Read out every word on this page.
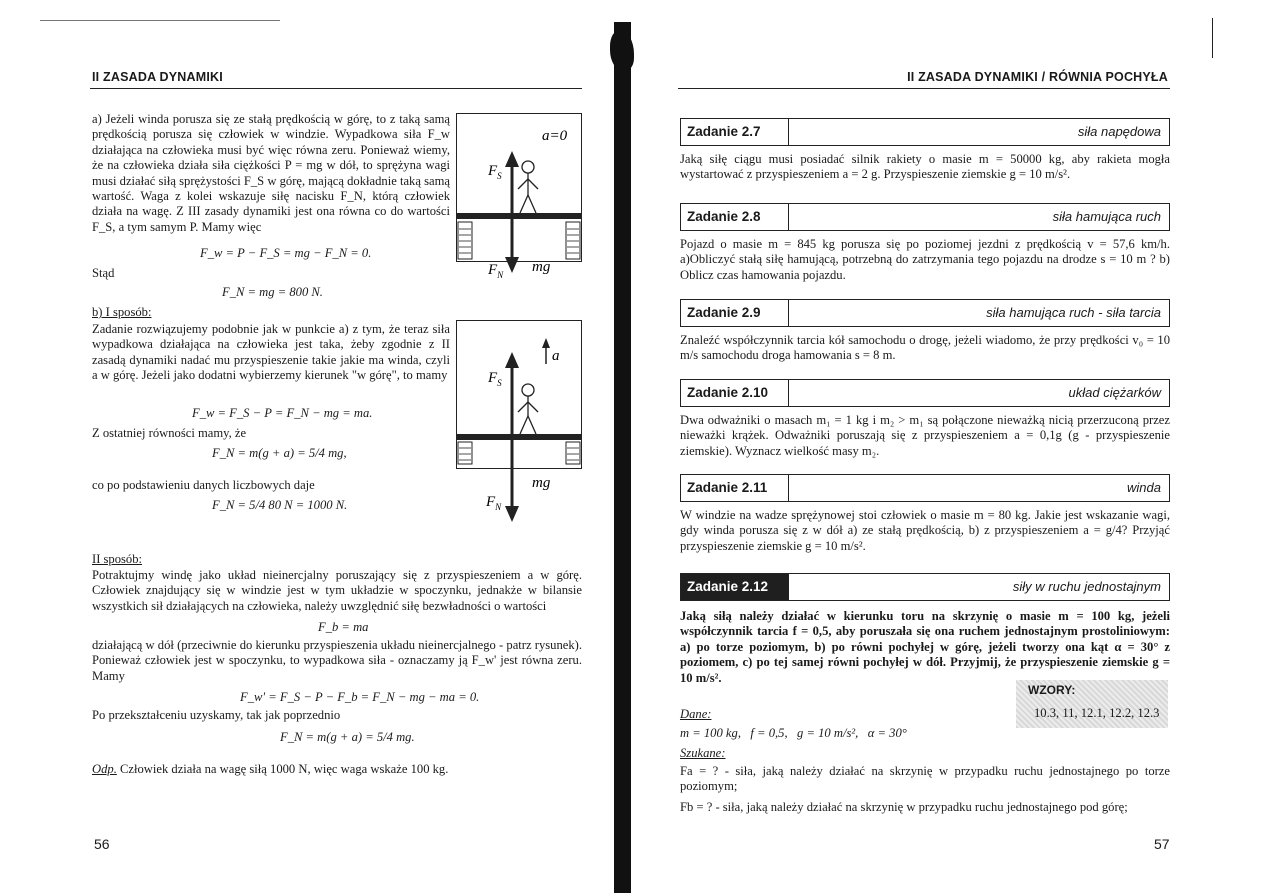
II ZASADA DYNAMIKI
a) Jeżeli winda porusza się ze stałą prędkością w górę, to z taką samą prędkością porusza się człowiek w windzie. Wypadkowa siła F_w działająca na człowieka musi być więc równa zeru. Ponieważ wiemy, że na człowieka działa siła ciężkości P = mg w dół, to sprężyna wagi musi działać siłą sprężystości F_S w górę, mającą dokładnie taką samą wartość. Waga z kolei wskazuje siłę nacisku F_N, którą człowiek działa na wagę. Z III zasady dynamiki jest ona równa co do wartości F_S, a tym samym P. Mamy więc
F_w = P − F_S = mg − F_N = 0.
Stąd
F_N = mg = 800 N.
b) I sposób:
Zadanie rozwiązujemy podobnie jak w punkcie a) z tym, że teraz siła wypadkowa działająca na człowieka jest taka, żeby zgodnie z II zasadą dynamiki nadać mu przyspieszenie takie jakie ma winda, czyli a w górę. Jeżeli jako dodatni wybierzemy kierunek "w górę", to mamy
F_w = F_S − P = F_N − mg = ma.
Z ostatniej równości mamy, że
F_N = m(g + a) = 5/4 mg,
co po podstawieniu danych liczbowych daje
F_N = 5/4 80 N = 1000 N.
II sposób:
Potraktujmy windę jako układ nieinercjalny poruszający się z przyspieszeniem a w górę. Człowiek znajdujący się w windzie jest w tym układzie w spoczynku, jednakże w bilansie wszystkich sił działających na człowieka, należy uwzględnić siłę bezwładności o wartości
F_b = ma
działającą w dół (przeciwnie do kierunku przyspieszenia układu nieinercjalnego - patrz rysunek). Ponieważ człowiek jest w spoczynku, to wypadkowa siła - oznaczamy ją F_w' jest równa zeru. Mamy
F_w' = F_S − P − F_b = F_N − mg − ma = 0.
Po przekształceniu uzyskamy, tak jak poprzednio
F_N = m(g + a) = 5/4 mg.
Odp. Człowiek działa na wagę siłą 1000 N, więc waga wskaże 100 kg.
56
a=0
$F_S$
$F_N$ mg
a
$F_S$
$F_N$
mg
II ZASADA DYNAMIKI / RÓWNIA POCHYŁA
Zadanie 2.7	siła napędowa
Jaką siłę ciągu musi posiadać silnik rakiety o masie m = 50000 kg, aby rakieta mogła wystartować z przyspieszeniem a = 2 g. Przyspieszenie ziemskie g = 10 m/s².
Zadanie 2.8	siła hamująca ruch
Pojazd o masie m = 845 kg porusza się po poziomej jezdni z prędkością v = 57,6 km/h. a)Obliczyć stałą siłę hamującą, potrzebną do zatrzymania tego pojazdu na drodze s = 10 m ? b) Oblicz czas hamowania pojazdu.
Zadanie 2.9	siła hamująca ruch - siła tarcia
Znaleźć współczynnik tarcia kół samochodu o drogę, jeżeli wiadomo, że przy prędkości v₀ = 10 m/s samochodu droga hamowania s = 8 m.
Zadanie 2.10	układ ciężarków
Dwa odważniki o masach m₁ = 1 kg i m₂ > m₁ są połączone nieważką nicią przerzuconą przez nieważki krążek. Odważniki poruszają się z przyspieszeniem a = 0,1g (g - przyspieszenie ziemskie). Wyznacz wielkość masy m₂.
Zadanie 2.11	winda
W windzie na wadze sprężynowej stoi człowiek o masie m = 80 kg. Jakie jest wskazanie wagi, gdy winda porusza się z w dół a) ze stałą prędkością, b) z przyspieszeniem a = g/4? Przyjąć przyspieszenie ziemskie g = 10 m/s².
Zadanie 2.12	siły w ruchu jednostajnym
Jaką siłą należy działać w kierunku toru na skrzynię o masie m = 100 kg, jeżeli współczynnik tarcia f = 0,5, aby poruszała się ona ruchem jednostajnym prostoliniowym: a) po torze poziomym, b) po równi pochyłej w górę, jeżeli tworzy ona kąt α = 30° z poziomem, c) po tej samej równi pochyłej w dół. Przyjmij, że przyspieszenie ziemskie g = 10 m/s².
WZORY:
10.3, 11, 12.1, 12.2, 12.3
Dane:
m = 100 kg,   f = 0,5,   g = 10 m/s²,   α = 30°
Szukane:
Fa = ? - siła, jaką należy działać na skrzynię w przypadku ruchu jednostajnego po torze poziomym;
Fb = ? - siła, jaką należy działać na skrzynię w przypadku ruchu jednostajnego pod górę;
57
